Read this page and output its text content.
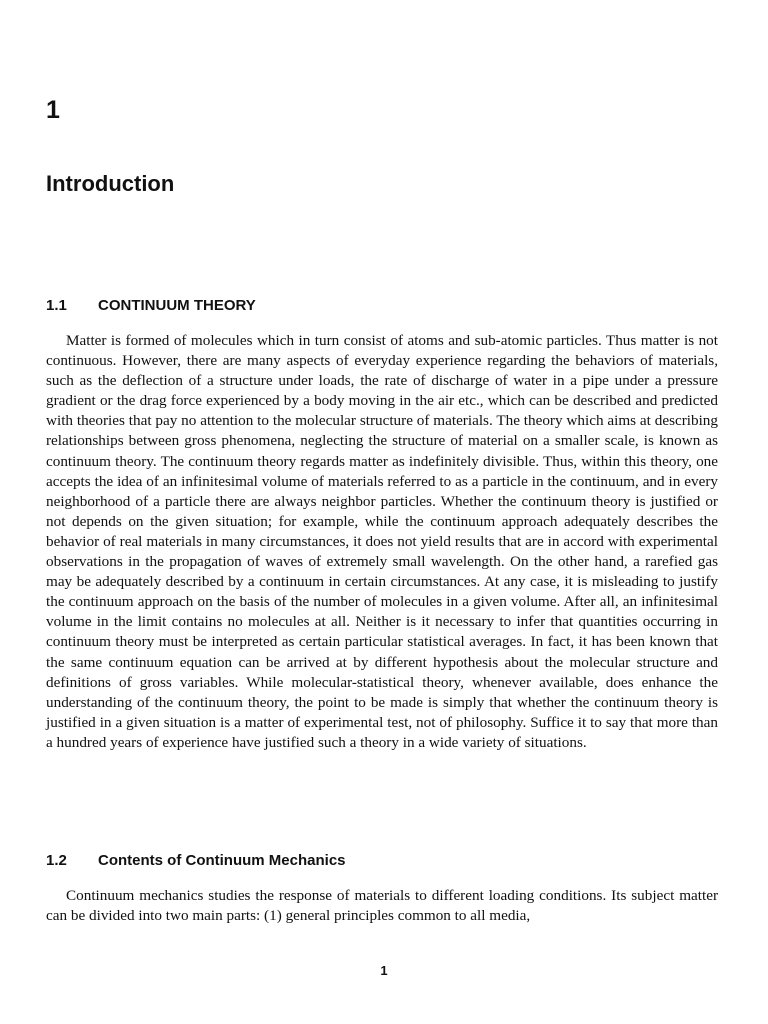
1
Introduction
1.1 CONTINUUM THEORY

Matter is formed of molecules which in turn consist of atoms and sub-atomic particles. Thus matter is not continuous. However, there are many aspects of everyday experience regarding the behaviors of materials, such as the deflection of a structure under loads, the rate of discharge of water in a pipe under a pressure gradient or the drag force experienced by a body moving in the air etc., which can be described and predicted with theories that pay no attention to the molecular structure of materials. The theory which aims at describing relationships between gross phenomena, neglecting the structure of material on a smaller scale, is known as continuum theory. The continuum theory regards matter as indefinitely divisible. Thus, within this theory, one accepts the idea of an infinitesimal volume of materials referred to as a particle in the continuum, and in every neighborhood of a particle there are always neighbor particles. Whether the continuum theory is justified or not depends on the given situation; for example, while the continuum approach adequately describes the behavior of real materials in many circumstances, it does not yield results that are in accord with experimental observations in the propagation of waves of extremely small wavelength. On the other hand, a rarefied gas may be adequately described by a continuum in certain circumstances. At any case, it is misleading to justify the continuum approach on the basis of the number of molecules in a given volume. After all, an infinitesimal volume in the limit contains no molecules at all. Neither is it necessary to infer that quantities occurring in continuum theory must be interpreted as certain particular statistical averages. In fact, it has been known that the same continuum equation can be arrived at by different hypothesis about the molecular structure and definitions of gross variables. While molecular-statistical theory, whenever available, does enhance the understanding of the continuum theory, the point to be made is simply that whether the continuum theory is justified in a given situation is a matter of experimental test, not of philosophy. Suffice it to say that more than a hundred years of experience have justified such a theory in a wide variety of situations.

1.2 Contents of Continuum Mechanics

Continuum mechanics studies the response of materials to different loading conditions. Its subject matter can be divided into two main parts: (1) general principles common to all media,

1
